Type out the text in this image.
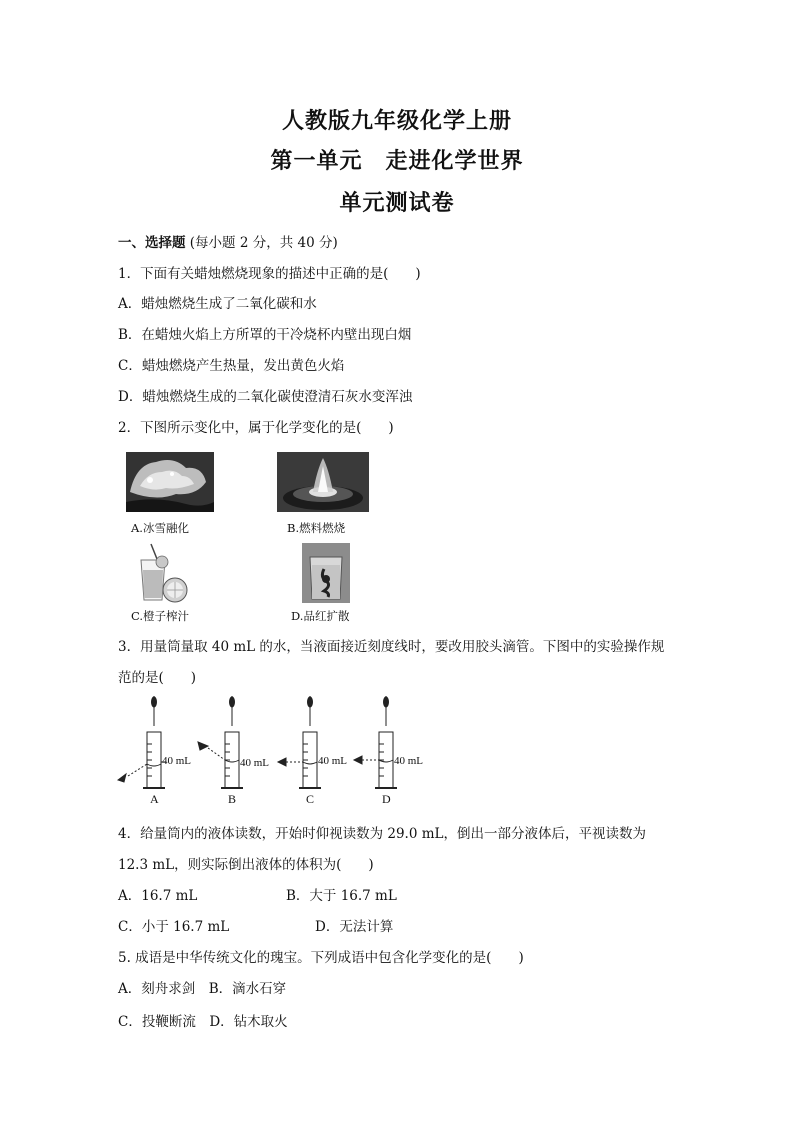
人教版九年级化学上册
第一单元　走进化学世界
单元测试卷
一、选择题 (每小题 2 分，共 40 分)
1．下面有关蜡烛燃烧现象的描述中正确的是(　　)
A．蜡烛燃烧生成了二氧化碳和水
B．在蜡烛火焰上方所罩的干冷烧杯内壁出现白烟
C．蜡烛燃烧产生热量，发出黄色火焰
D．蜡烛燃烧生成的二氧化碳使澄清石灰水变浑浊
2．下图所示变化中，属于化学变化的是(　　)
A.冰雪融化	B.燃料燃烧
C.橙子榨汁	D.品红扩散
3．用量筒量取 40 mL 的水，当液面接近刻度线时，要改用胶头滴管。下图中的实验操作规
范的是(　　)
40 mL	40 mL	40 mL	40 mL
A	B	C	D
4．给量筒内的液体读数，开始时仰视读数为 29.0 mL，倒出一部分液体后，平视读数为
12.3 mL，则实际倒出液体的体积为(　　)
A．16.7 mL	B．大于 16.7 mL
C．小于 16.7 mL	D．无法计算
5. 成语是中华传统文化的瑰宝。下列成语中包含化学变化的是(　　)
A．刻舟求剑　B．滴水石穿
C．投鞭断流　D．钻木取火
